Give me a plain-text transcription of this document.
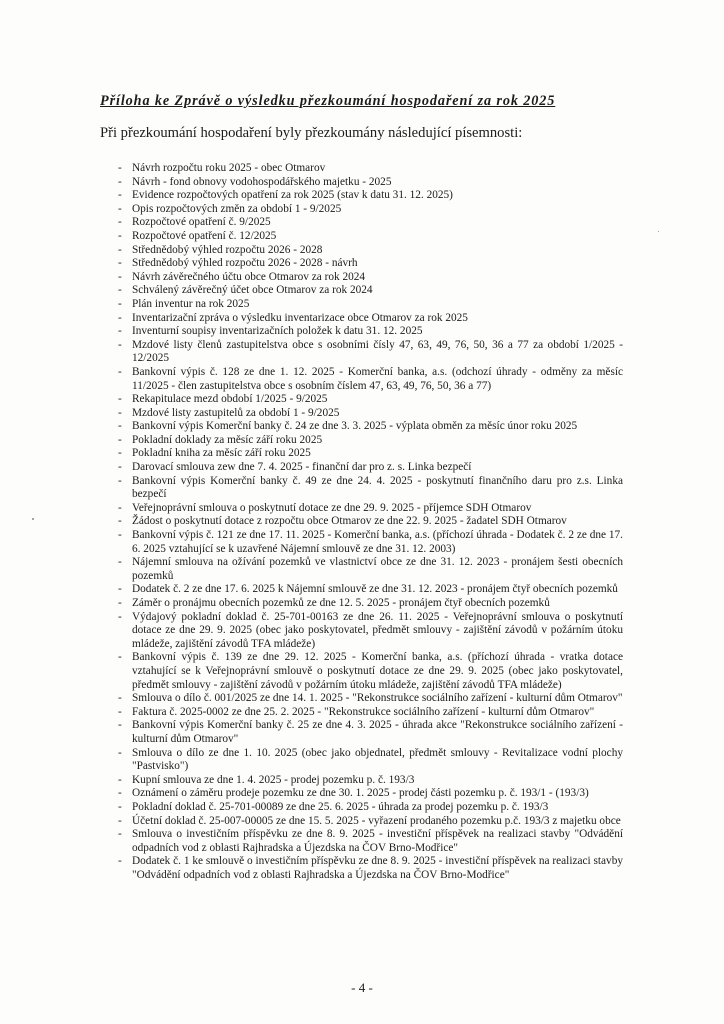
Příloha ke Zprávě o výsledku přezkoumání hospodaření za rok 2025
Při přezkoumání hospodaření byly přezkoumány následující písemnosti:
- Návrh rozpočtu roku 2025 - obec Otmarov
- Návrh - fond obnovy vodohospodářského majetku - 2025
- Evidence rozpočtových opatření za rok 2025 (stav k datu 31. 12. 2025)
- Opis rozpočtových změn za období 1 - 9/2025
- Rozpočtové opatření č. 9/2025
- Rozpočtové opatření č. 12/2025
- Střednědobý výhled rozpočtu 2026 - 2028
- Střednědobý výhled rozpočtu 2026 - 2028 - návrh
- Návrh závěrečného účtu obce Otmarov za rok 2024
- Schválený závěrečný účet obce Otmarov za rok 2024
- Plán inventur na rok 2025
- Inventarizační zpráva o výsledku inventarizace obce Otmarov za rok 2025
- Inventurní soupisy inventarizačních položek k datu 31. 12. 2025
- Mzdové listy členů zastupitelstva obce s osobními čísly 47, 63, 49, 76, 50, 36 a 77 za období 1/2025 - 12/2025
- Bankovní výpis č. 128 ze dne 1. 12. 2025 - Komerční banka, a.s. (odchozí úhrady - odměny za měsíc 11/2025 - člen zastupitelstva obce s osobním číslem 47, 63, 49, 76, 50, 36 a 77)
- Rekapitulace mezd období 1/2025 - 9/2025
- Mzdové listy zastupitelů za období 1 - 9/2025
- Bankovní výpis Komerční banky č. 24 ze dne 3. 3. 2025 - výplata obměn za měsíc únor roku 2025
- Pokladní doklady za měsíc září roku 2025
- Pokladní kniha za měsíc září roku 2025
- Darovací smlouva zew dne 7. 4. 2025 - finanční dar pro z. s. Linka bezpečí
- Bankovní výpis Komerční banky č. 49 ze dne 24. 4. 2025 - poskytnutí finančního daru pro z.s. Linka bezpečí
- Veřejnoprávní smlouva o poskytnutí dotace ze dne 29. 9. 2025 - příjemce SDH Otmarov
- Žádost o poskytnutí dotace z rozpočtu obce Otmarov ze dne 22. 9. 2025 - žadatel SDH Otmarov
- Bankovní výpis č. 121 ze dne 17. 11. 2025 - Komerční banka, a.s. (příchozí úhrada - Dodatek č. 2 ze dne 17. 6. 2025 vztahující se k uzavřené Nájemní smlouvě ze dne 31. 12. 2003)
- Nájemní smlouva na ožívání pozemků ve vlastnictví obce ze dne 31. 12. 2023 - pronájem šesti obecních pozemků
- Dodatek č. 2 ze dne 17. 6. 2025 k Nájemní smlouvě ze dne 31. 12. 2023 - pronájem čtyř obecních pozemků
- Záměr o pronájmu obecních pozemků ze dne 12. 5. 2025 - pronájem čtyř obecních pozemků
- Výdajový pokladní doklad č. 25-701-00163 ze dne 26. 11. 2025 - Veřejnoprávní smlouva o poskytnutí dotace ze dne 29. 9. 2025 (obec jako poskytovatel, předmět smlouvy - zajištění závodů v požárním útoku mládeže, zajištění závodů TFA mládeže)
- Bankovní výpis č. 139 ze dne 29. 12. 2025 - Komerční banka, a.s. (příchozí úhrada - vratka dotace vztahující se k Veřejnoprávní smlouvě o poskytnutí dotace ze dne 29. 9. 2025 (obec jako poskytovatel, předmět smlouvy - zajištění závodů v požárním útoku mládeže, zajištění závodů TFA mládeže)
- Smlouva o dílo č. 001/2025 ze dne 14. 1. 2025 - "Rekonstrukce sociálního zařízení - kulturní dům Otmarov"
- Faktura č. 2025-0002 ze dne 25. 2. 2025 - "Rekonstrukce sociálního zařízení - kulturní dům Otmarov"
- Bankovní výpis Komerční banky č. 25 ze dne 4. 3. 2025 - úhrada akce "Rekonstrukce sociálního zařízení - kulturní dům Otmarov"
- Smlouva o dílo ze dne 1. 10. 2025 (obec jako objednatel, předmět smlouvy - Revitalizace vodní plochy "Pastvisko")
- Kupní smlouva ze dne 1. 4. 2025 - prodej pozemku p. č. 193/3
- Oznámení o záměru prodeje pozemku ze dne 30. 1. 2025 - prodej části pozemku p. č. 193/1 - (193/3)
- Pokladní doklad č. 25-701-00089 ze dne 25. 6. 2025 - úhrada za prodej pozemku p. č. 193/3
- Účetní doklad č. 25-007-00005 ze dne 15. 5. 2025 - vyřazení prodaného pozemku p.č. 193/3 z majetku obce
- Smlouva o investičním příspěvku ze dne 8. 9. 2025 - investiční příspěvek na realizaci stavby "Odvádění odpadních vod z oblasti Rajhradska a Újezdska na ČOV Brno-Modřice"
- Dodatek č. 1 ke smlouvě o investičním příspěvku ze dne 8. 9. 2025 - investiční příspěvek na realizaci stavby "Odvádění odpadních vod z oblasti Rajhradska a Újezdska na ČOV Brno-Modřice"
- 4 -
